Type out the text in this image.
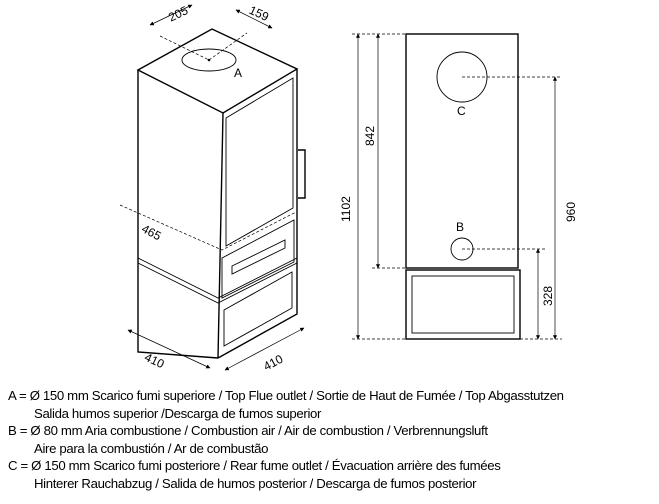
A
205	159
465
410	410
C
B
1102
842
960
328
A = Ø 150 mm Scarico fumi superiore / Top Flue outlet / Sortie de Haut de Fumée / Top Abgasstutzen
Salida humos superior /Descarga de fumos superior
B = Ø 80 mm Aria combustione / Combustion air / Air de combustion / Verbrennungsluft
Aire para la combustión / Ar de combustão
C = Ø 150 mm Scarico fumi posteriore / Rear fume outlet / Évacuation arrière des fumées
Hinterer Rauchabzug / Salida de humos posterior / Descarga de fumos posterior
